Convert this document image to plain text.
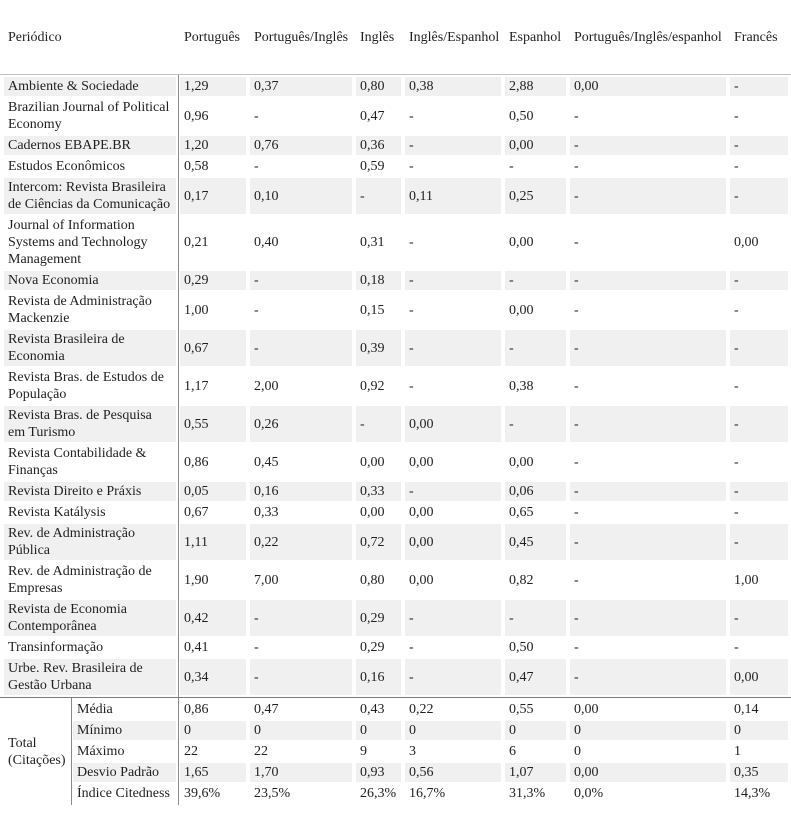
Periódico	Português	Português/Inglês	Inglês	Inglês/Espanhol	Espanhol	Português/Inglês/espanhol	Francês
Ambiente & Sociedade	1,29	0,37	0,80	0,38	2,88	0,00	-
Brazilian Journal of Political Economy	0,96	-	0,47	-	0,50	-	-
Cadernos EBAPE.BR	1,20	0,76	0,36	-	0,00	-	-
Estudos Econômicos	0,58	-	0,59	-	-	-	-
Intercom: Revista Brasileira de Ciências da Comunicação	0,17	0,10	-	0,11	0,25	-	-
Journal of Information Systems and Technology Management	0,21	0,40	0,31	-	0,00	-	0,00
Nova Economia	0,29	-	0,18	-	-	-	-
Revista de Administração Mackenzie	1,00	-	0,15	-	0,00	-	-
Revista Brasileira de Economia	0,67	-	0,39	-	-	-	-
Revista Bras. de Estudos de População	1,17	2,00	0,92	-	0,38	-	-
Revista Bras. de Pesquisa em Turismo	0,55	0,26	-	0,00	-	-	-
Revista Contabilidade & Finanças	0,86	0,45	0,00	0,00	0,00	-	-
Revista Direito e Práxis	0,05	0,16	0,33	-	0,06	-	-
Revista Katálysis	0,67	0,33	0,00	0,00	0,65	-	-
Rev. de Administração Pública	1,11	0,22	0,72	0,00	0,45	-	-
Rev. de Administração de Empresas	1,90	7,00	0,80	0,00	0,82	-	1,00
Revista de Economia Contemporânea	0,42	-	0,29	-	-	-	-
Transinformação	0,41	-	0,29	-	0,50	-	-
Urbe. Rev. Brasileira de Gestão Urbana	0,34	-	0,16	-	0,47	-	0,00
Total (Citações)	Média	0,86	0,47	0,43	0,22	0,55	0,00	0,14
	Mínimo	0	0	0	0	0	0	0
	Máximo	22	22	9	3	6	0	1
	Desvio Padrão	1,65	1,70	0,93	0,56	1,07	0,00	0,35
	Índice Citedness	39,6%	23,5%	26,3%	16,7%	31,3%	0,0%	14,3%
